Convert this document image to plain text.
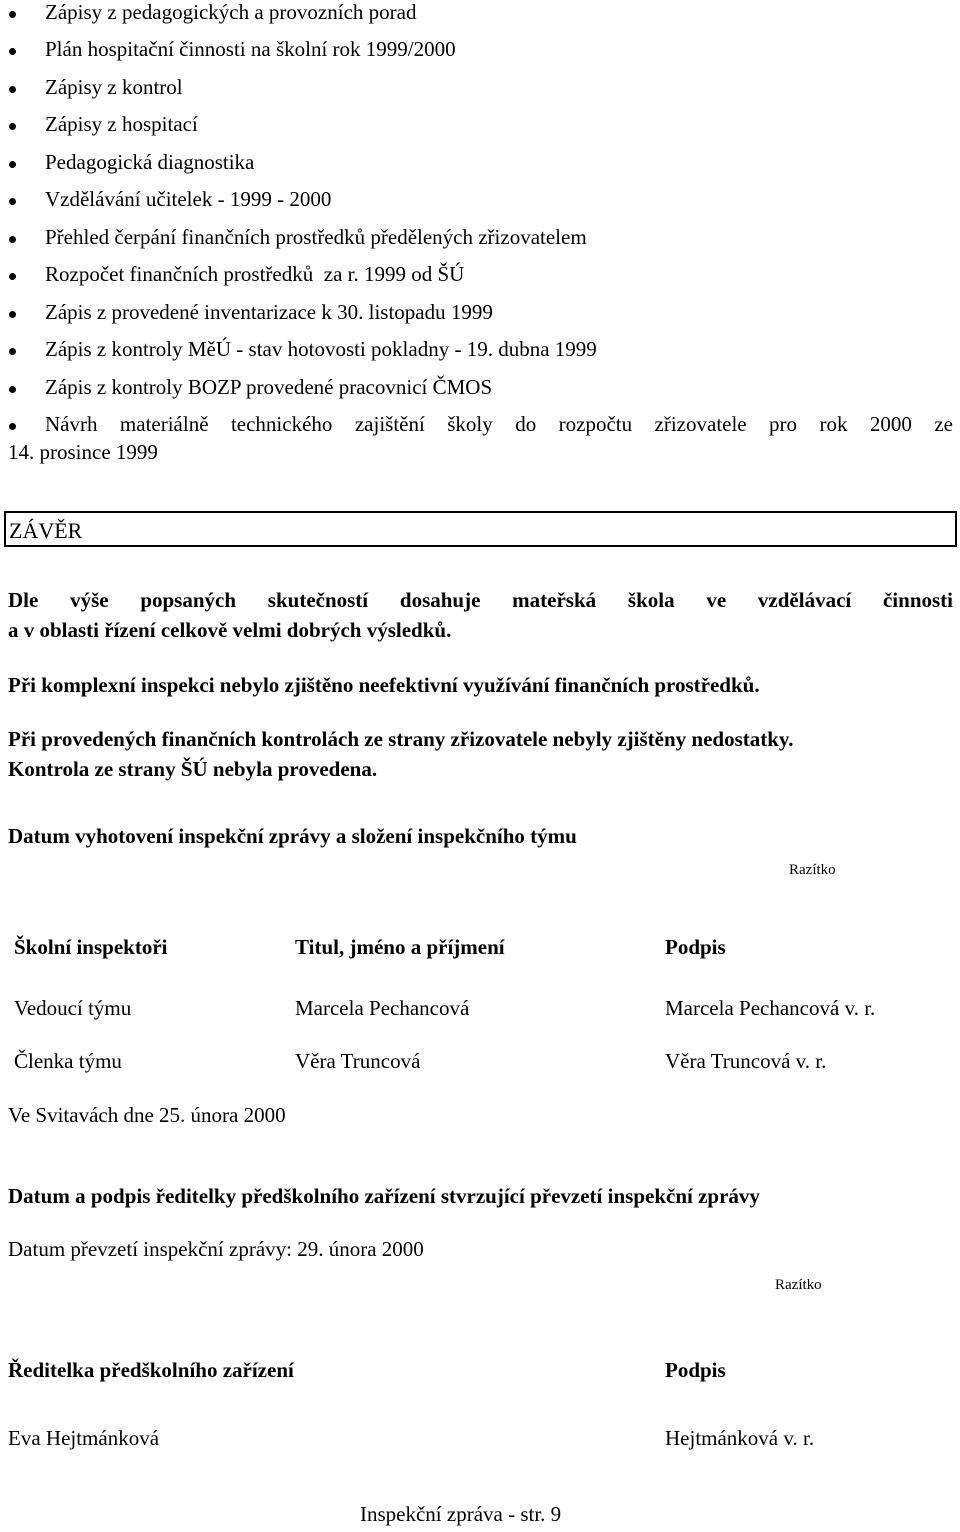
Zápisy z pedagogických a provozních porad
Plán hospitační činnosti na školní rok 1999/2000
Zápisy z kontrol
Zápisy z hospitací
Pedagogická diagnostika
Vzdělávání učitelek - 1999 - 2000
Přehled čerpání finančních prostředků předělených zřizovatelem
Rozpočet finančních prostředků  za r. 1999 od ŠÚ
Zápis z provedené inventarizace k 30. listopadu 1999
Zápis z kontroly MěÚ - stav hotovosti pokladny - 19. dubna 1999
Zápis z kontroly BOZP provedené pracovnicí ČMOS
Návrh materiálně technického zajištění školy do rozpočtu zřizovatele pro rok 2000 ze
14. prosince 1999
ZÁVĚR
Dle výše popsaných skutečností dosahuje mateřská škola ve vzdělávací činnosti
a v oblasti řízení celkově velmi dobrých výsledků.
Při komplexní inspekci nebylo zjištěno neefektivní využívání finančních prostředků.
Při provedených finančních kontrolách ze strany zřizovatele nebyly zjištěny nedostatky.
Kontrola ze strany ŠÚ nebyla provedena.
Datum vyhotovení inspekční zprávy a složení inspekčního týmu
Razítko
Školní inspektoři	Titul, jméno a příjmení	Podpis
Vedoucí týmu	Marcela Pechancová	Marcela Pechancová v. r.
Členka týmu	Věra Truncová	Věra Truncová v. r.
Ve Svitavách dne 25. února 2000
Datum a podpis ředitelky předškolního zařízení stvrzující převzetí inspekční zprávy
Datum převzetí inspekční zprávy: 29. února 2000
Razítko
Ředitelka předškolního zařízení	Podpis
Eva Hejtmánková	Hejtmánková v. r.
Inspekční zpráva - str. 9
